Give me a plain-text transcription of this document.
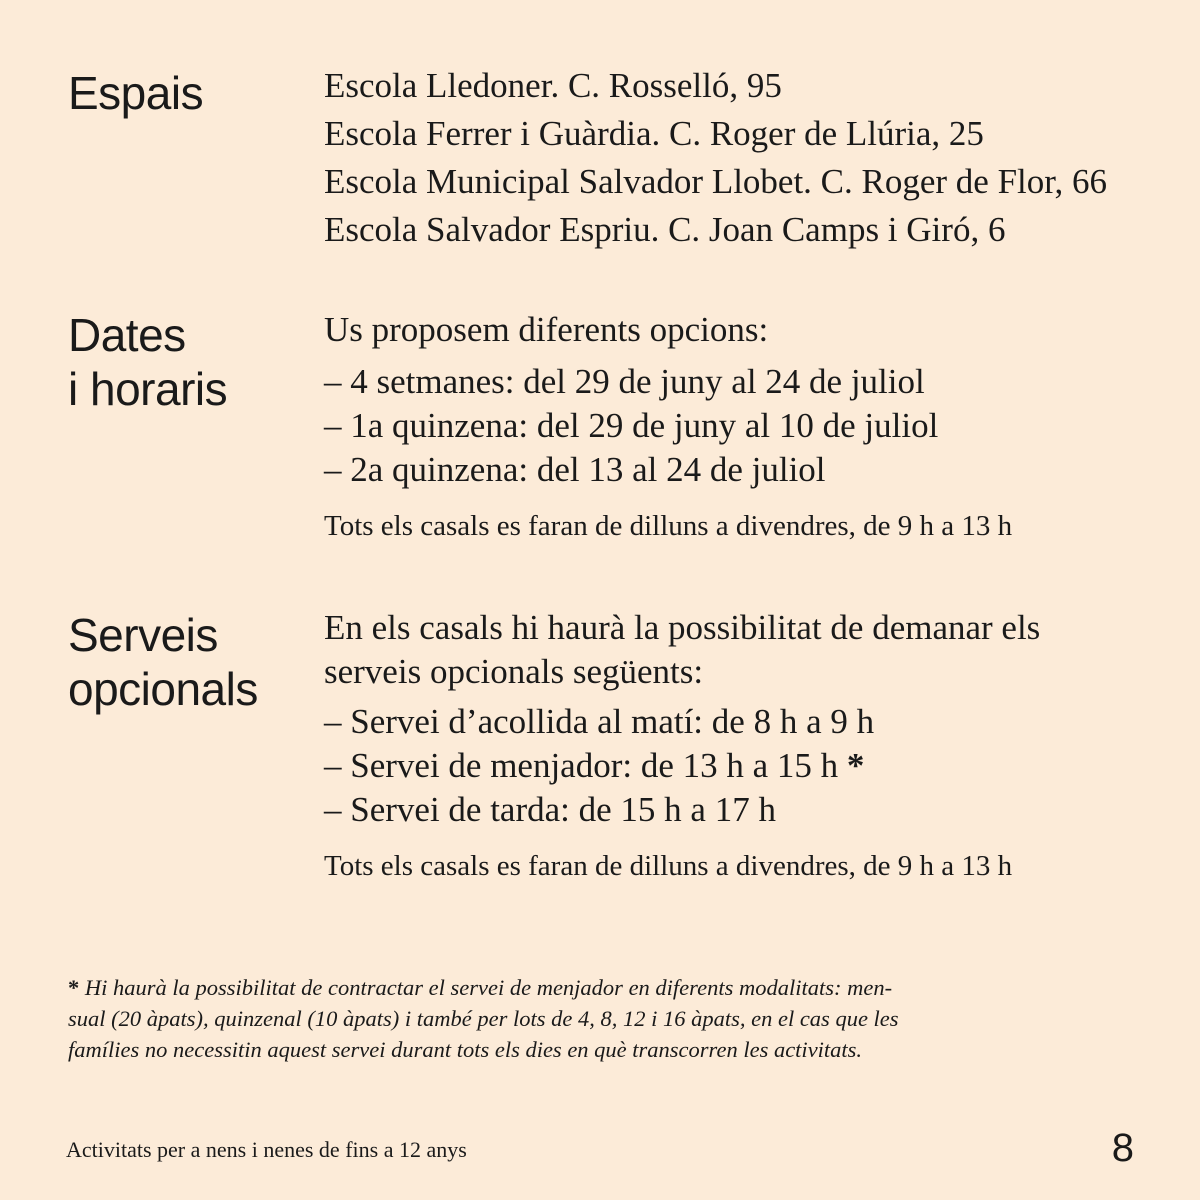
Espais	Escola Lledoner. C. Rosselló, 95
Escola Ferrer i Guàrdia. C. Roger de Llúria, 25
Escola Municipal Salvador Llobet. C. Roger de Flor, 66
Escola Salvador Espriu. C. Joan Camps i Giró, 6
Dates
i horaris
Us proposem diferents opcions:
– 4 setmanes: del 29 de juny al 24 de juliol
– 1a quinzena: del 29 de juny al 10 de juliol
– 2a quinzena: del 13 al 24 de juliol
Tots els casals es faran de dilluns a divendres, de 9 h a 13 h
Serveis
opcionals
En els casals hi haurà la possibilitat de demanar els
serveis opcionals següents:
– Servei d’acollida al matí: de 8 h a 9 h
– Servei de menjador: de 13 h a 15 h *
– Servei de tarda: de 15 h a 17 h
Tots els casals es faran de dilluns a divendres, de 9 h a 13 h
* Hi haurà la possibilitat de contractar el servei de menjador en diferents modalitats: men-
sual (20 àpats), quinzenal (10 àpats) i també per lots de 4, 8, 12 i 16 àpats, en el cas que les
famílies no necessitin aquest servei durant tots els dies en què transcorren les activitats.
Activitats per a nens i nenes de fins a 12 anys	8
